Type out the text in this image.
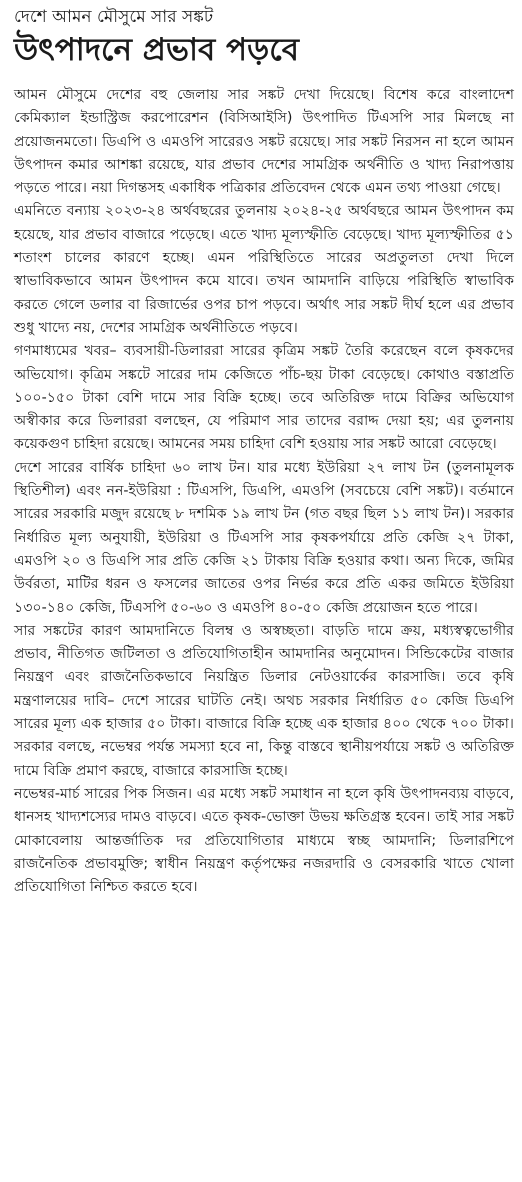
দেশে আমন মৌসুমে সার সঙ্কট
উৎপাদনে প্রভাব পড়বে

আমন মৌসুমে দেশের বহু জেলায় সার সঙ্কট দেখা দিয়েছে। বিশেষ করে বাংলাদেশ কেমিক্যাল ইন্ডাস্ট্রিজ করপোরেশন (বিসিআইসি) উৎপাদিত টিএসপি সার মিলছে না প্রয়োজনমতো। ডিএপি ও এমওপি সারেরও সঙ্কট রয়েছে। সার সঙ্কট নিরসন না হলে আমন উৎপাদন কমার আশঙ্কা রয়েছে, যার প্রভাব দেশের সামগ্রিক অর্থনীতি ও খাদ্য নিরাপত্তায় পড়তে পারে। নয়া দিগন্তসহ একাধিক পত্রিকার প্রতিবেদন থেকে এমন তথ্য পাওয়া গেছে।

এমনিতে বন্যায় ২০২৩-২৪ অর্থবছরের তুলনায় ২০২৪-২৫ অর্থবছরে আমন উৎপাদন কম হয়েছে, যার প্রভাব বাজারে পড়েছে। এতে খাদ্য মূল্যস্ফীতি বেড়েছে। খাদ্য মূল্যস্ফীতির ৫১ শতাংশ চালের কারণে হচ্ছে। এমন পরিস্থিতিতে সারের অপ্রতুলতা দেখা দিলে স্বাভাবিকভাবে আমন উৎপাদন কমে যাবে। তখন আমদানি বাড়িয়ে পরিস্থিতি স্বাভাবিক করতে গেলে ডলার বা রিজার্ভের ওপর চাপ পড়বে। অর্থাৎ সার সঙ্কট দীর্ঘ হলে এর প্রভাব শুধু খাদ্যে নয়, দেশের সামগ্রিক অর্থনীতিতে পড়বে।

গণমাধ্যমের খবর– ব্যবসায়ী-ডিলাররা সারের কৃত্রিম সঙ্কট তৈরি করেছেন বলে কৃষকদের অভিযোগ। কৃত্রিম সঙ্কটে সারের দাম কেজিতে পাঁচ-ছয় টাকা বেড়েছে। কোথাও বস্তাপ্রতি ১০০-১৫০ টাকা বেশি দামে সার বিক্রি হচ্ছে। তবে অতিরিক্ত দামে বিক্রির অভিযোগ অস্বীকার করে ডিলাররা বলছেন, যে পরিমাণ সার তাদের বরাদ্দ দেয়া হয়; এর তুলনায় কয়েকগুণ চাহিদা রয়েছে। আমনের সময় চাহিদা বেশি হওয়ায় সার সঙ্কট আরো বেড়েছে।

দেশে সারের বার্ষিক চাহিদা ৬০ লাখ টন। যার মধ্যে ইউরিয়া ২৭ লাখ টন (তুলনামূলক স্থিতিশীল) এবং নন-ইউরিয়া : টিএসপি, ডিএপি, এমওপি (সবচেয়ে বেশি সঙ্কট)। বর্তমানে সারের সরকারি মজুদ রয়েছে ৮ দশমিক ১৯ লাখ টন (গত বছর ছিল ১১ লাখ টন)। সরকার নির্ধারিত মূল্য অনুযায়ী, ইউরিয়া ও টিএসপি সার কৃষকপর্যায়ে প্রতি কেজি ২৭ টাকা, এমওপি ২০ ও ডিএপি সার প্রতি কেজি ২১ টাকায় বিক্রি হওয়ার কথা। অন্য দিকে, জমির উর্বরতা, মাটির ধরন ও ফসলের জাতের ওপর নির্ভর করে প্রতি একর জমিতে ইউরিয়া ১৩০-১৪০ কেজি, টিএসপি ৫০-৬০ ও এমওপি ৪০-৫০ কেজি প্রয়োজন হতে পারে।

সার সঙ্কটের কারণ আমদানিতে বিলম্ব ও অস্বচ্ছতা। বাড়তি দামে ক্রয়, মধ্যস্বত্বভোগীর প্রভাব, নীতিগত জটিলতা ও প্রতিযোগিতাহীন আমদানির অনুমোদন। সিন্ডিকেটের বাজার নিয়ন্ত্রণ এবং রাজনৈতিকভাবে নিয়ন্ত্রিত ডিলার নেটওয়ার্কের কারসাজি। তবে কৃষি মন্ত্রণালয়ের দাবি– দেশে সারের ঘাটতি নেই। অথচ সরকার নির্ধারিত ৫০ কেজি ডিএপি সারের মূল্য এক হাজার ৫০ টাকা। বাজারে বিক্রি হচ্ছে এক হাজার ৪০০ থেকে ৭০০ টাকা। সরকার বলছে, নভেম্বর পর্যন্ত সমস্যা হবে না, কিন্তু বাস্তবে স্থানীয়পর্যায়ে সঙ্কট ও অতিরিক্ত দামে বিক্রি প্রমাণ করছে, বাজারে কারসাজি হচ্ছে।

নভেম্বর-মার্চ সারের পিক সিজন। এর মধ্যে সঙ্কট সমাধান না হলে কৃষি উৎপাদনব্যয় বাড়বে, ধানসহ খাদ্যশস্যের দামও বাড়বে। এতে কৃষক-ভোক্তা উভয় ক্ষতিগ্রস্ত হবেন। তাই সার সঙ্কট মোকাবেলায় আন্তর্জাতিক দর প্রতিযোগিতার মাধ্যমে স্বচ্ছ আমদানি; ডিলারশিপে রাজনৈতিক প্রভাবমুক্তি; স্বাধীন নিয়ন্ত্রণ কর্তৃপক্ষের নজরদারি ও বেসরকারি খাতে খোলা প্রতিযোগিতা নিশ্চিত করতে হবে।
